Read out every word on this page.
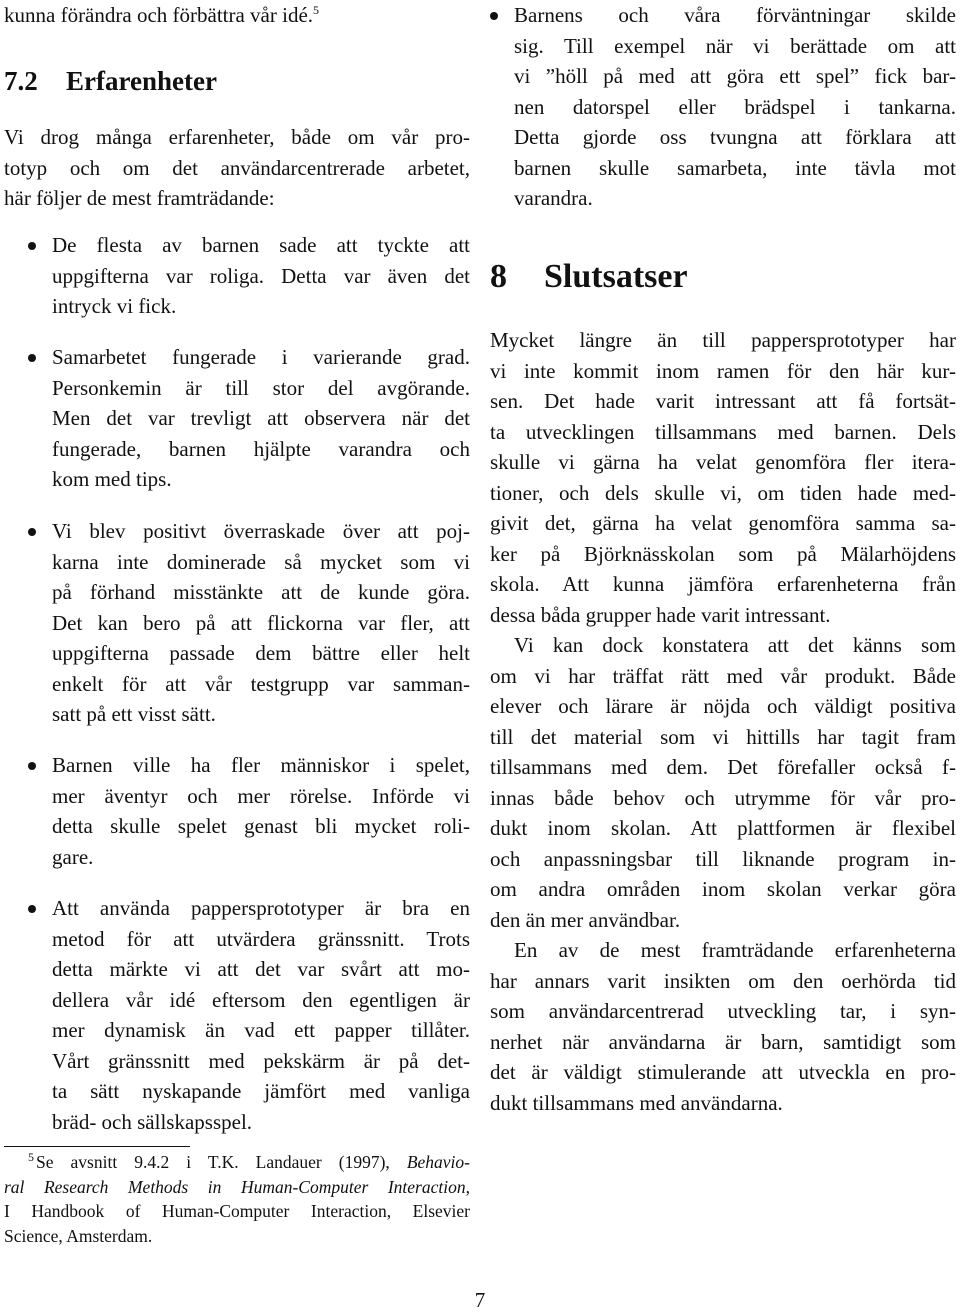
kunna förändra och förbättra vår idé.$^5$
7.2 Erfarenheter
Vi drog många erfarenheter, både om vår pro-
totyp och om det användarcentrerade arbetet,
här följer de mest framträdande:
De flesta av barnen sade att tyckte att
uppgifterna var roliga. Detta var även det
intryck vi fick.
Samarbetet fungerade i varierande grad.
Personkemin är till stor del avgörande.
Men det var trevligt att observera när det
fungerade, barnen hjälpte varandra och
kom med tips.
Vi blev positivt överraskade över att poj-
karna inte dominerade så mycket som vi
på förhand misstänkte att de kunde göra.
Det kan bero på att flickorna var fler, att
uppgifterna passade dem bättre eller helt
enkelt för att vår testgrupp var samman-
satt på ett visst sätt.
Barnen ville ha fler människor i spelet,
mer äventyr och mer rörelse. Införde vi
detta skulle spelet genast bli mycket roli-
gare.
Att använda pappersprototyper är bra en
metod för att utvärdera gränssnitt. Trots
detta märkte vi att det var svårt att mo-
dellera vår idé eftersom den egentligen är
mer dynamisk än vad ett papper tillåter.
Vårt gränssnitt med pekskärm är på det-
ta sätt nyskapande jämfört med vanliga
bräd- och sällskapsspel.
$^5$ Se avsnitt 9.4.2 i T.K. Landauer (1997), Behavio-
ral Research Methods in Human-Computer Interaction,
I Handbook of Human-Computer Interaction, Elsevier
Science, Amsterdam.
Barnens och våra förväntningar skilde
sig. Till exempel när vi berättade om att
vi ”höll på med att göra ett spel” fick bar-
nen datorspel eller brädspel i tankarna.
Detta gjorde oss tvungna att förklara att
barnen skulle samarbeta, inte tävla mot
varandra.
8 Slutsatser
Mycket längre än till pappersprototyper har
vi inte kommit inom ramen för den här kur-
sen. Det hade varit intressant att få fortsät-
ta utvecklingen tillsammans med barnen. Dels
skulle vi gärna ha velat genomföra fler itera-
tioner, och dels skulle vi, om tiden hade med-
givit det, gärna ha velat genomföra samma sa-
ker på Björknässkolan som på Mälarhöjdens
skola. Att kunna jämföra erfarenheterna från
dessa båda grupper hade varit intressant.
Vi kan dock konstatera att det känns som
om vi har träffat rätt med vår produkt. Både
elever och lärare är nöjda och väldigt positiva
till det material som vi hittills har tagit fram
tillsammans med dem. Det förefaller också f-
innas både behov och utrymme för vår pro-
dukt inom skolan. Att plattformen är flexibel
och anpassningsbar till liknande program in-
om andra områden inom skolan verkar göra
den än mer användbar.
En av de mest framträdande erfarenheterna
har annars varit insikten om den oerhörda tid
som användarcentrerad utveckling tar, i syn-
nerhet när användarna är barn, samtidigt som
det är väldigt stimulerande att utveckla en pro-
dukt tillsammans med användarna.
7
